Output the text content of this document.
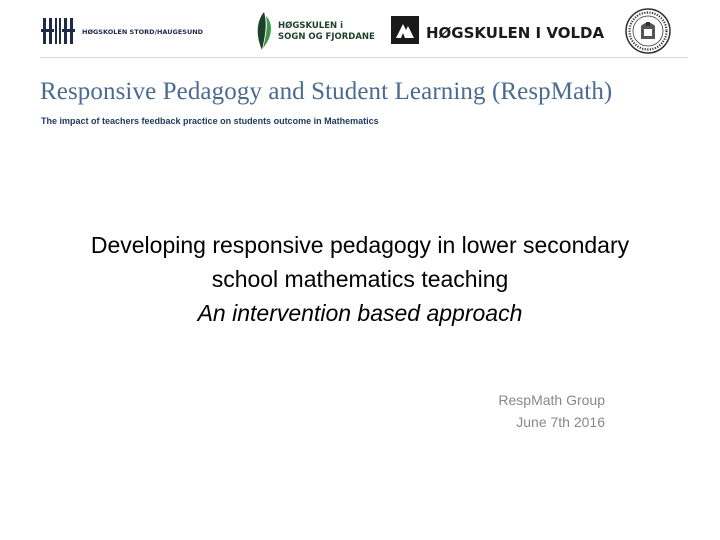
HØGSKOLEN STORD/HAUGESUND
HØGSKULEN i
SOGN OG FJORDANE	HØGSKULEN I VOLDA
Responsive Pedagogy and Student Learning (RespMath)
The impact of teachers feedback practice on students outcome in Mathematics
Developing responsive pedagogy in lower secondary
school mathematics teaching
An intervention based approach
RespMath Group
June 7th 2016
